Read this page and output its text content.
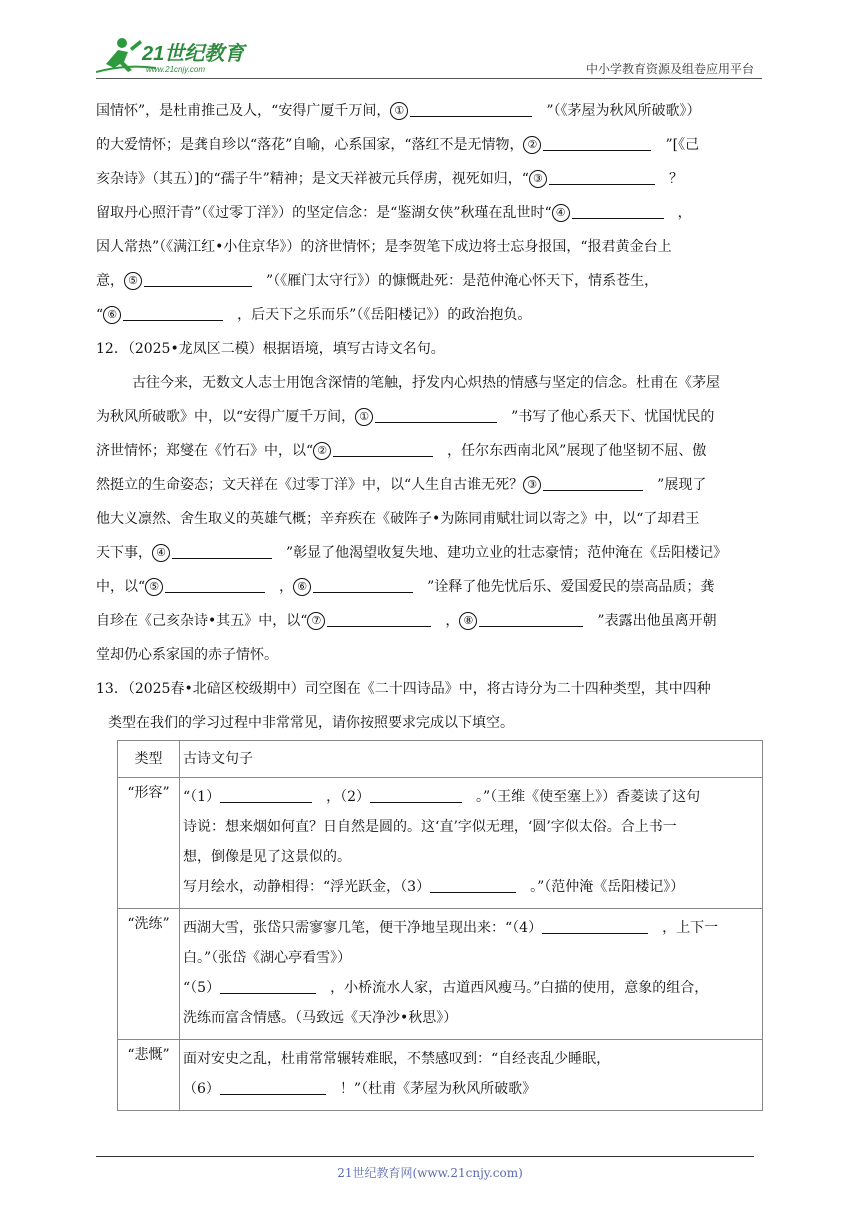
21世纪教育
www.21cnjy.com	中小学教育资源及组卷应用平台
国情怀”，是杜甫推己及人，“安得广厦千万间， ①　	”（《茅屋为秋风所破歌》）
的大爱情怀；是龚自珍以“落花”自喻，心系国家，“落红不是无情物， ②　	”[《己
亥杂诗》（其五）]的“孺子牛”精神；是文天祥被元兵俘虏，视死如归，“ ③　	？
留取丹心照汗青”（《过零丁洋》）的坚定信念：是“鉴湖女侠”秋瑾在乱世时“ ④　	，
因人常热”（《满江红•小住京华》）的济世情怀；是李贺笔下成边将士忘身报国，“报君黄金台上
意， ⑤　	”（《雁门太守行》）的慷慨赴死：是范仲淹心怀天下，情系苍生，
“ ⑥　	，后天下之乐而乐”（《岳阳楼记》）的政治抱负。
12．（2025•龙凤区二模）根据语境，填写古诗文名句。
古往今来，无数文人志士用饱含深情的笔触，抒发内心炽热的情感与坚定的信念。杜甫在《茅屋
为秋风所破歌》中，以“安得广厦千万间， ①　	”书写了他心系天下、忧国忧民的
济世情怀；郑燮在《竹石》中，以“ ②　	，任尔东西南北风”展现了他坚韧不屈、傲
然挺立的生命姿态；文天祥在《过零丁洋》中，以“人生自古谁无死？ ③　	”展现了
他大义凛然、舍生取义的英雄气概；辛弃疾在《破阵子•为陈同甫赋壮词以寄之》中，以“了却君王
天下事， ④　	”彰显了他渴望收复失地、建功立业的壮志豪情；范仲淹在《岳阳楼记》
中，以“ ⑤　	， ⑥　	”诠释了他先忧后乐、爱国爱民的崇高品质；龚
自珍在《己亥杂诗•其五》中，以“ ⑦　	， ⑧　	”表露出他虽离开朝
堂却仍心系家国的赤子情怀。
13．（2025春•北碚区校级期中）司空图在《二十四诗品》中，将古诗分为二十四种类型，其中四种
类型在我们的学习过程中非常常见，请你按照要求完成以下填空。
类型	古诗文句子
“形容”	“（1）　 ，（2）　 。”（王维《使至塞上》）香菱读了这句
诗说：想来烟如何直？日自然是圆的。这‘直’字似无理，‘圆’字似太俗。合上书一
想，倒像是见了这景似的。
写月绘水，动静相得：“浮光跃金，（3）　 。”（范仲淹《岳阳楼记》）

“洗练”	西湖大雪，张岱只需寥寥几笔，便干净地呈现出来：“（4）　 ，上下一
白。”（张岱《湖心亭看雪》）
“（5）　 ，小桥流水人家，古道西风瘦马。”白描的使用，意象的组合，
洗练而富含情感。（马致远《天净沙•秋思》）

“悲慨”	面对安史之乱，杜甫常常辗转难眠，不禁感叹到：“自经丧乱少睡眠，
（6）　 ！”（杜甫《茅屋为秋风所破歌》
21世纪教育网(www.21cnjy.com)
